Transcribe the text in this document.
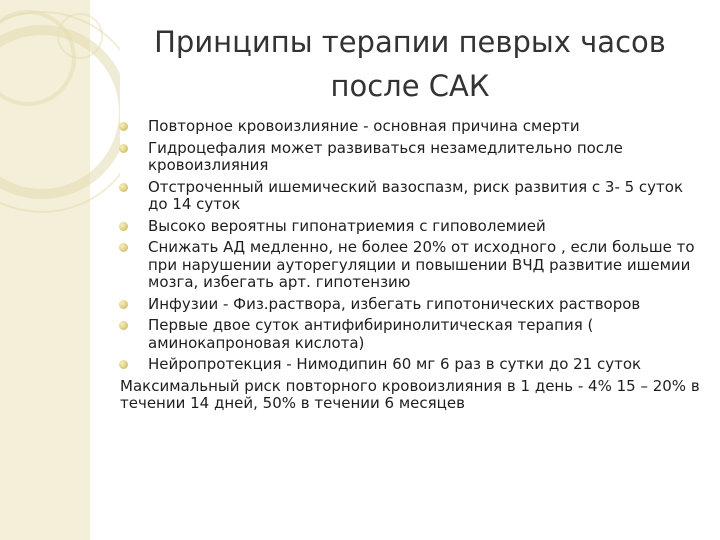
Принципы терапии певрых часов
после САК
Повторное кровоизлияние - основная причина смерти
Гидроцефалия может развиваться незамедлительно после кровоизлияния
Отстроченный ишемический вазоспазм, риск развития с 3- 5 суток до 14 суток
Высоко вероятны гипонатриемия с гиповолемией
Снижать АД медленно, не более 20% от исходного , если больше то при нарушении ауторегуляции и повышении ВЧД развитие ишемии мозга, избегать арт. гипотензию
Инфузии - Физ.раствора, избегать гипотонических растворов
Первые двое суток антифибиринолитическая терапия ( аминокапроновая кислота)
Нейропротекция - Нимодипин 60 мг 6 раз в сутки до 21 суток
Максимальный риск повторного кровоизлияния в 1 день - 4% 15 – 20% в течении 14 дней, 50% в течении 6 месяцев
